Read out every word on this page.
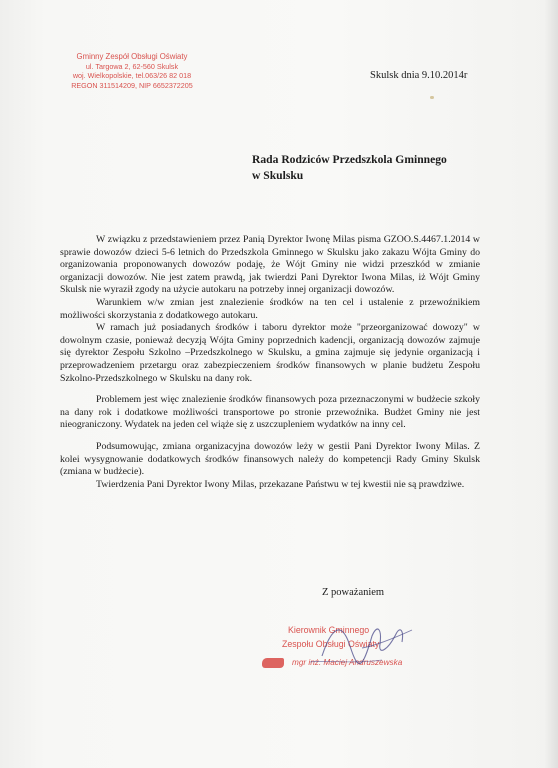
Gminny Zespół Obsługi Oświaty
ul. Targowa 2, 62-560 Skulsk
woj. Wielkopolskie, tel.063/26 82 018
REGON 311514209, NIP 6652372205
Skulsk dnia 9.10.2014r
Rada Rodziców Przedszkola Gminnego
w Skulsku

W związku z przedstawieniem przez Panią Dyrektor Iwonę Milas pisma GZOO.S.4467.1.2014 w sprawie dowozów dzieci 5-6 letnich do Przedszkola Gminnego w Skulsku jako zakazu Wójta Gminy do organizowania proponowanych dowozów podaję, że Wójt Gminy nie widzi przeszkód w zmianie organizacji dowozów. Nie jest zatem prawdą, jak twierdzi Pani Dyrektor Iwona Milas, iż Wójt Gminy Skulsk nie wyraził zgody na użycie autokaru na potrzeby innej organizacji dowozów.

Warunkiem w/w zmian jest znalezienie środków na ten cel i ustalenie z przewoźnikiem możliwości skorzystania z dodatkowego autokaru.

W ramach już posiadanych środków i taboru dyrektor może "przeorganizować dowozy" w dowolnym czasie, ponieważ decyzją Wójta Gminy poprzednich kadencji, organizacją dowozów zajmuje się dyrektor Zespołu Szkolno –Przedszkolnego w Skulsku, a gmina zajmuje się jedynie organizacją i przeprowadzeniem przetargu oraz zabezpieczeniem środków finansowych w planie budżetu Zespołu Szkolno-Przedszkolnego w Skulsku na dany rok.

Problemem jest więc znalezienie środków finansowych poza przeznaczonymi w budżecie szkoły na dany rok i dodatkowe możliwości transportowe po stronie przewoźnika. Budżet Gminy nie jest nieograniczony. Wydatek na jeden cel wiąże się z uszczupleniem wydatków na inny cel.

Podsumowując, zmiana organizacyjna dowozów leży w gestii Pani Dyrektor Iwony Milas. Z kolei wysygnowanie dodatkowych środków finansowych należy do kompetencji Rady Gminy Skulsk (zmiana w budżecie).

Twierdzenia Pani Dyrektor Iwony Milas, przekazane Państwu w tej kwestii nie są prawdziwe.

Z poważaniem
Kierownik Gminnego
Zespołu Obsługi Oświaty
mgr inż. Maciej Andruszewska
